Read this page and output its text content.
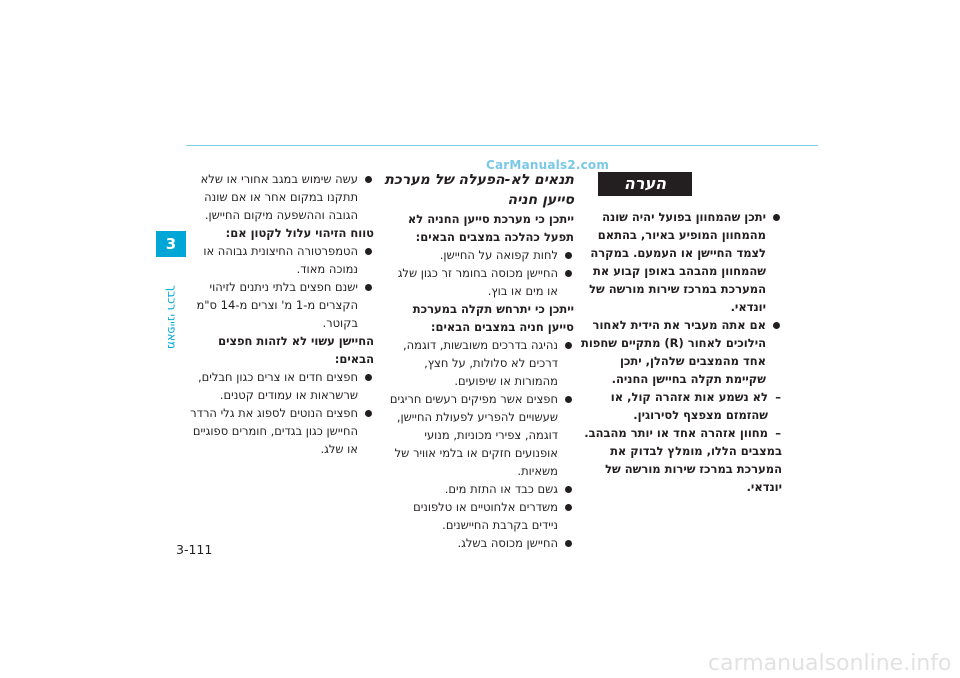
3
מאפייני רכבך
CarManuals2.com
הערה

יתכן שהמחוון בפועל יהיה שונה מהמחוון המופיע באיור, בהתאם לצמד החיישן או העמעם. במקרה שהמחוון מהבהב באופן קבוע את המערכת במרכז שירות מורשה של יונדאי.

אם אתה מעביר את הידית לאחור הילוכים לאחור (R) מתקיים שחפות אחד מהמצבים שלהלן, יתכן שקיימת תקלה בחיישן החניה.

– לא נשמע אות אזהרה קול, או שהזמזם מצפצף לסירוגין.

– מחוון אזהרה אחד או יותר מהבהב.

במצבים הללו, מומלץ לבדוק את המערכת במרכז שירות מורשה של יונדאי.

תנאים לא-הפעלה של מערכת סייען חניה

ייתכן כי מערכת סייען החניה לא תפעל כהלכה במצבים הבאים:

לחות קפואה על החיישן.

החיישן מכוסה בחומר זר כגון שלג או מים או בוץ.

ייתכן כי יתרחש תקלה במערכת סייען חניה במצבים הבאים:

נהיגה בדרכים משובשות, דוגמה, דרכים לא סלולות, על חצץ, מהמורות או שיפועים.

חפצים אשר מפיקים רעשים חריגים שעשויים להפריע לפעולת החיישן, דוגמה, צפירי מכוניות, מנועי אופנועים חזקים או בלמי אוויר של משאיות.

גשם כבד או התזת מים.

משדרים אלחוטיים או טלפונים ניידים בקרבת החיישנים.

החיישן מכוסה בשלג.

עשה שימוש במגב אחורי או שלא תתקנו במקום אחר או אם שונה הגובה וההשפעה מיקום החיישן.

טווח הזיהוי עלול לקטון אם:

הטמפרטורה החיצונית גבוהה או נמוכה מאוד.

ישנם חפצים בלתי ניתנים לזיהוי הקצרים מ-1 מ' וצרים מ-14 ס"מ בקוטר.

החיישן עשוי לא לזהות חפצים הבאים:

חפצים חדים או צרים כגון חבלים, שרשראות או עמודים קטנים.

חפצים הנוטים לספוג את גלי הרדר החיישן כגון בגדים, חומרים ספוגיים או שלג.

3-111
carmanualsonline.info
